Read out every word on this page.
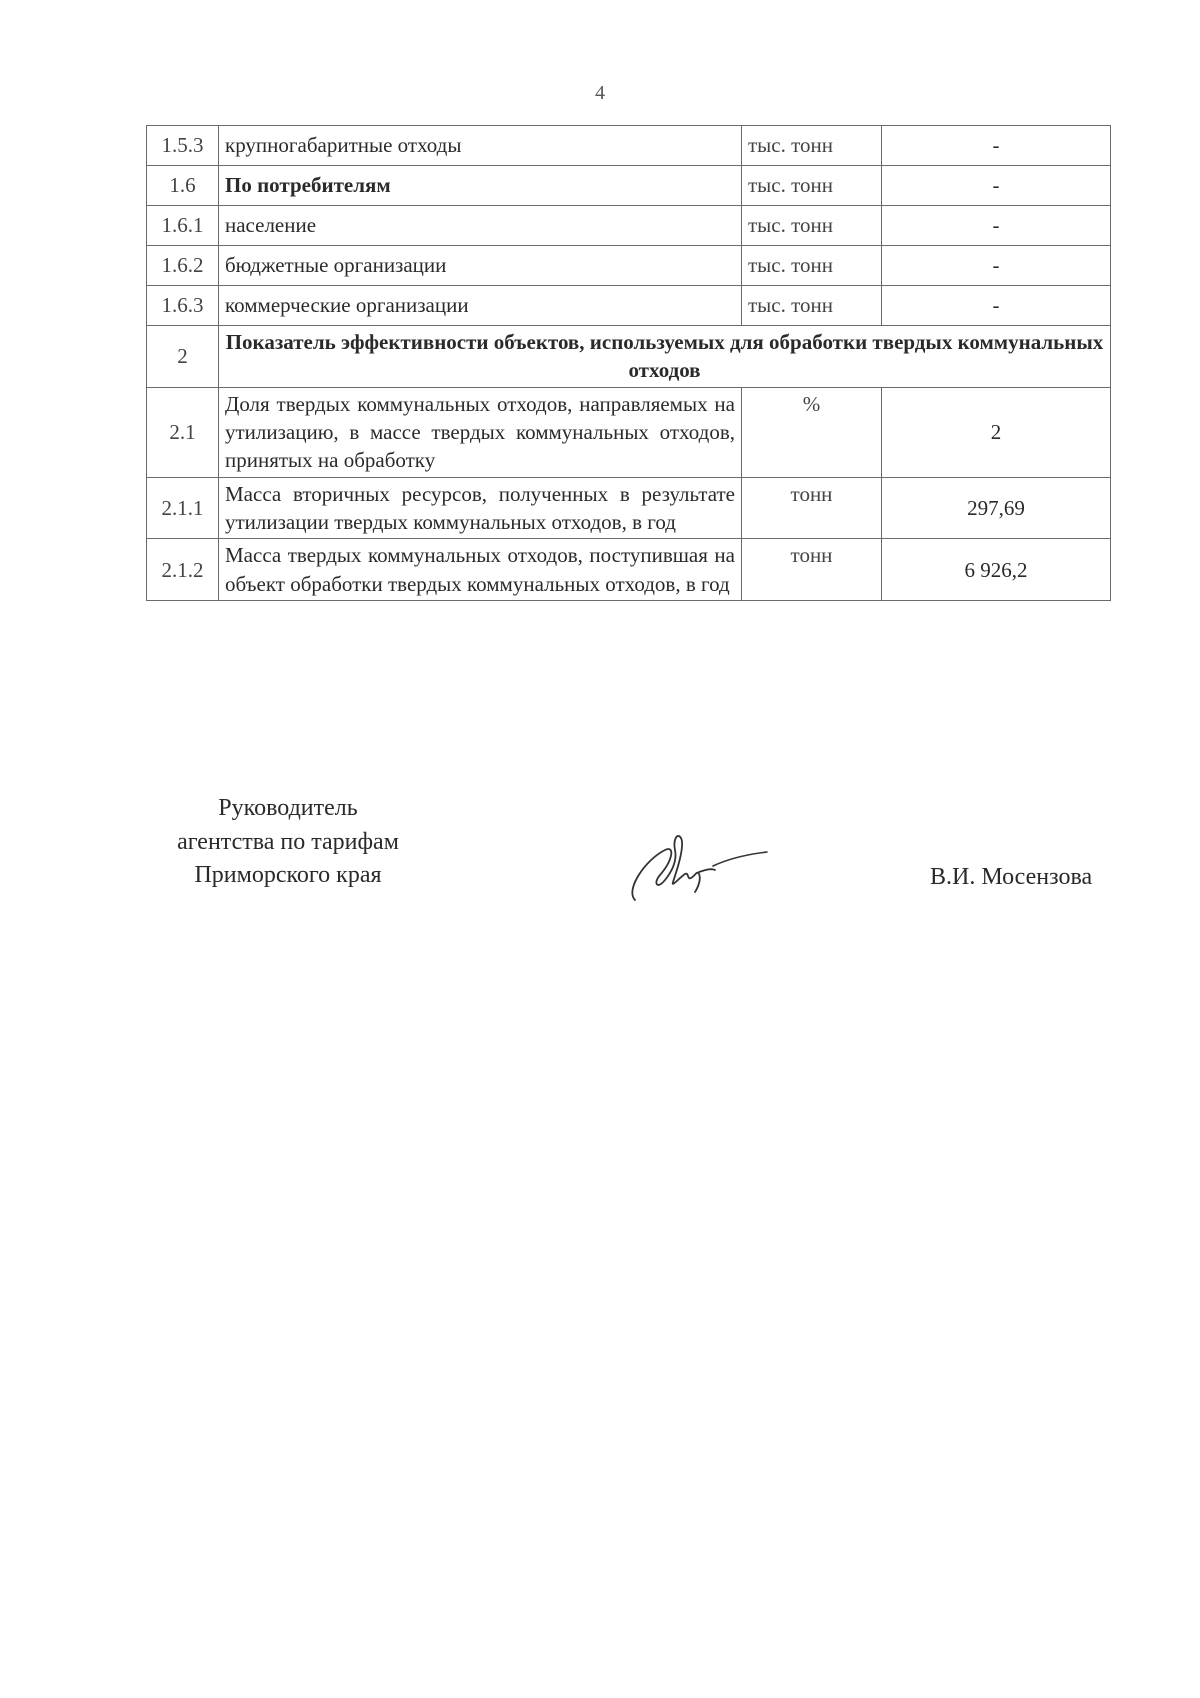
4
1.5.3	крупногабаритные отходы	тыс. тонн	-
1.6	По потребителям	тыс. тонн	-
1.6.1	население	тыс. тонн	-
1.6.2	бюджетные организации	тыс. тонн	-
1.6.3	коммерческие организации	тыс. тонн	-
2	Показатель эффективности объектов, используемых для обработки твердых коммунальных отходов		
2.1	Доля твердых коммунальных отходов, направляемых на утилизацию, в массе твердых коммунальных отходов, принятых на обработку	%	2
2.1.1	Масса вторичных ресурсов, полученных в результате утилизации твердых коммунальных отходов, в год	тонн	297,69
2.1.2	Масса твердых коммунальных отходов, поступившая на объект обработки твердых коммунальных отходов, в год	тонн	6 926,2
Руководитель
агентства по тарифам
Приморского края	В.И. Мосензова
